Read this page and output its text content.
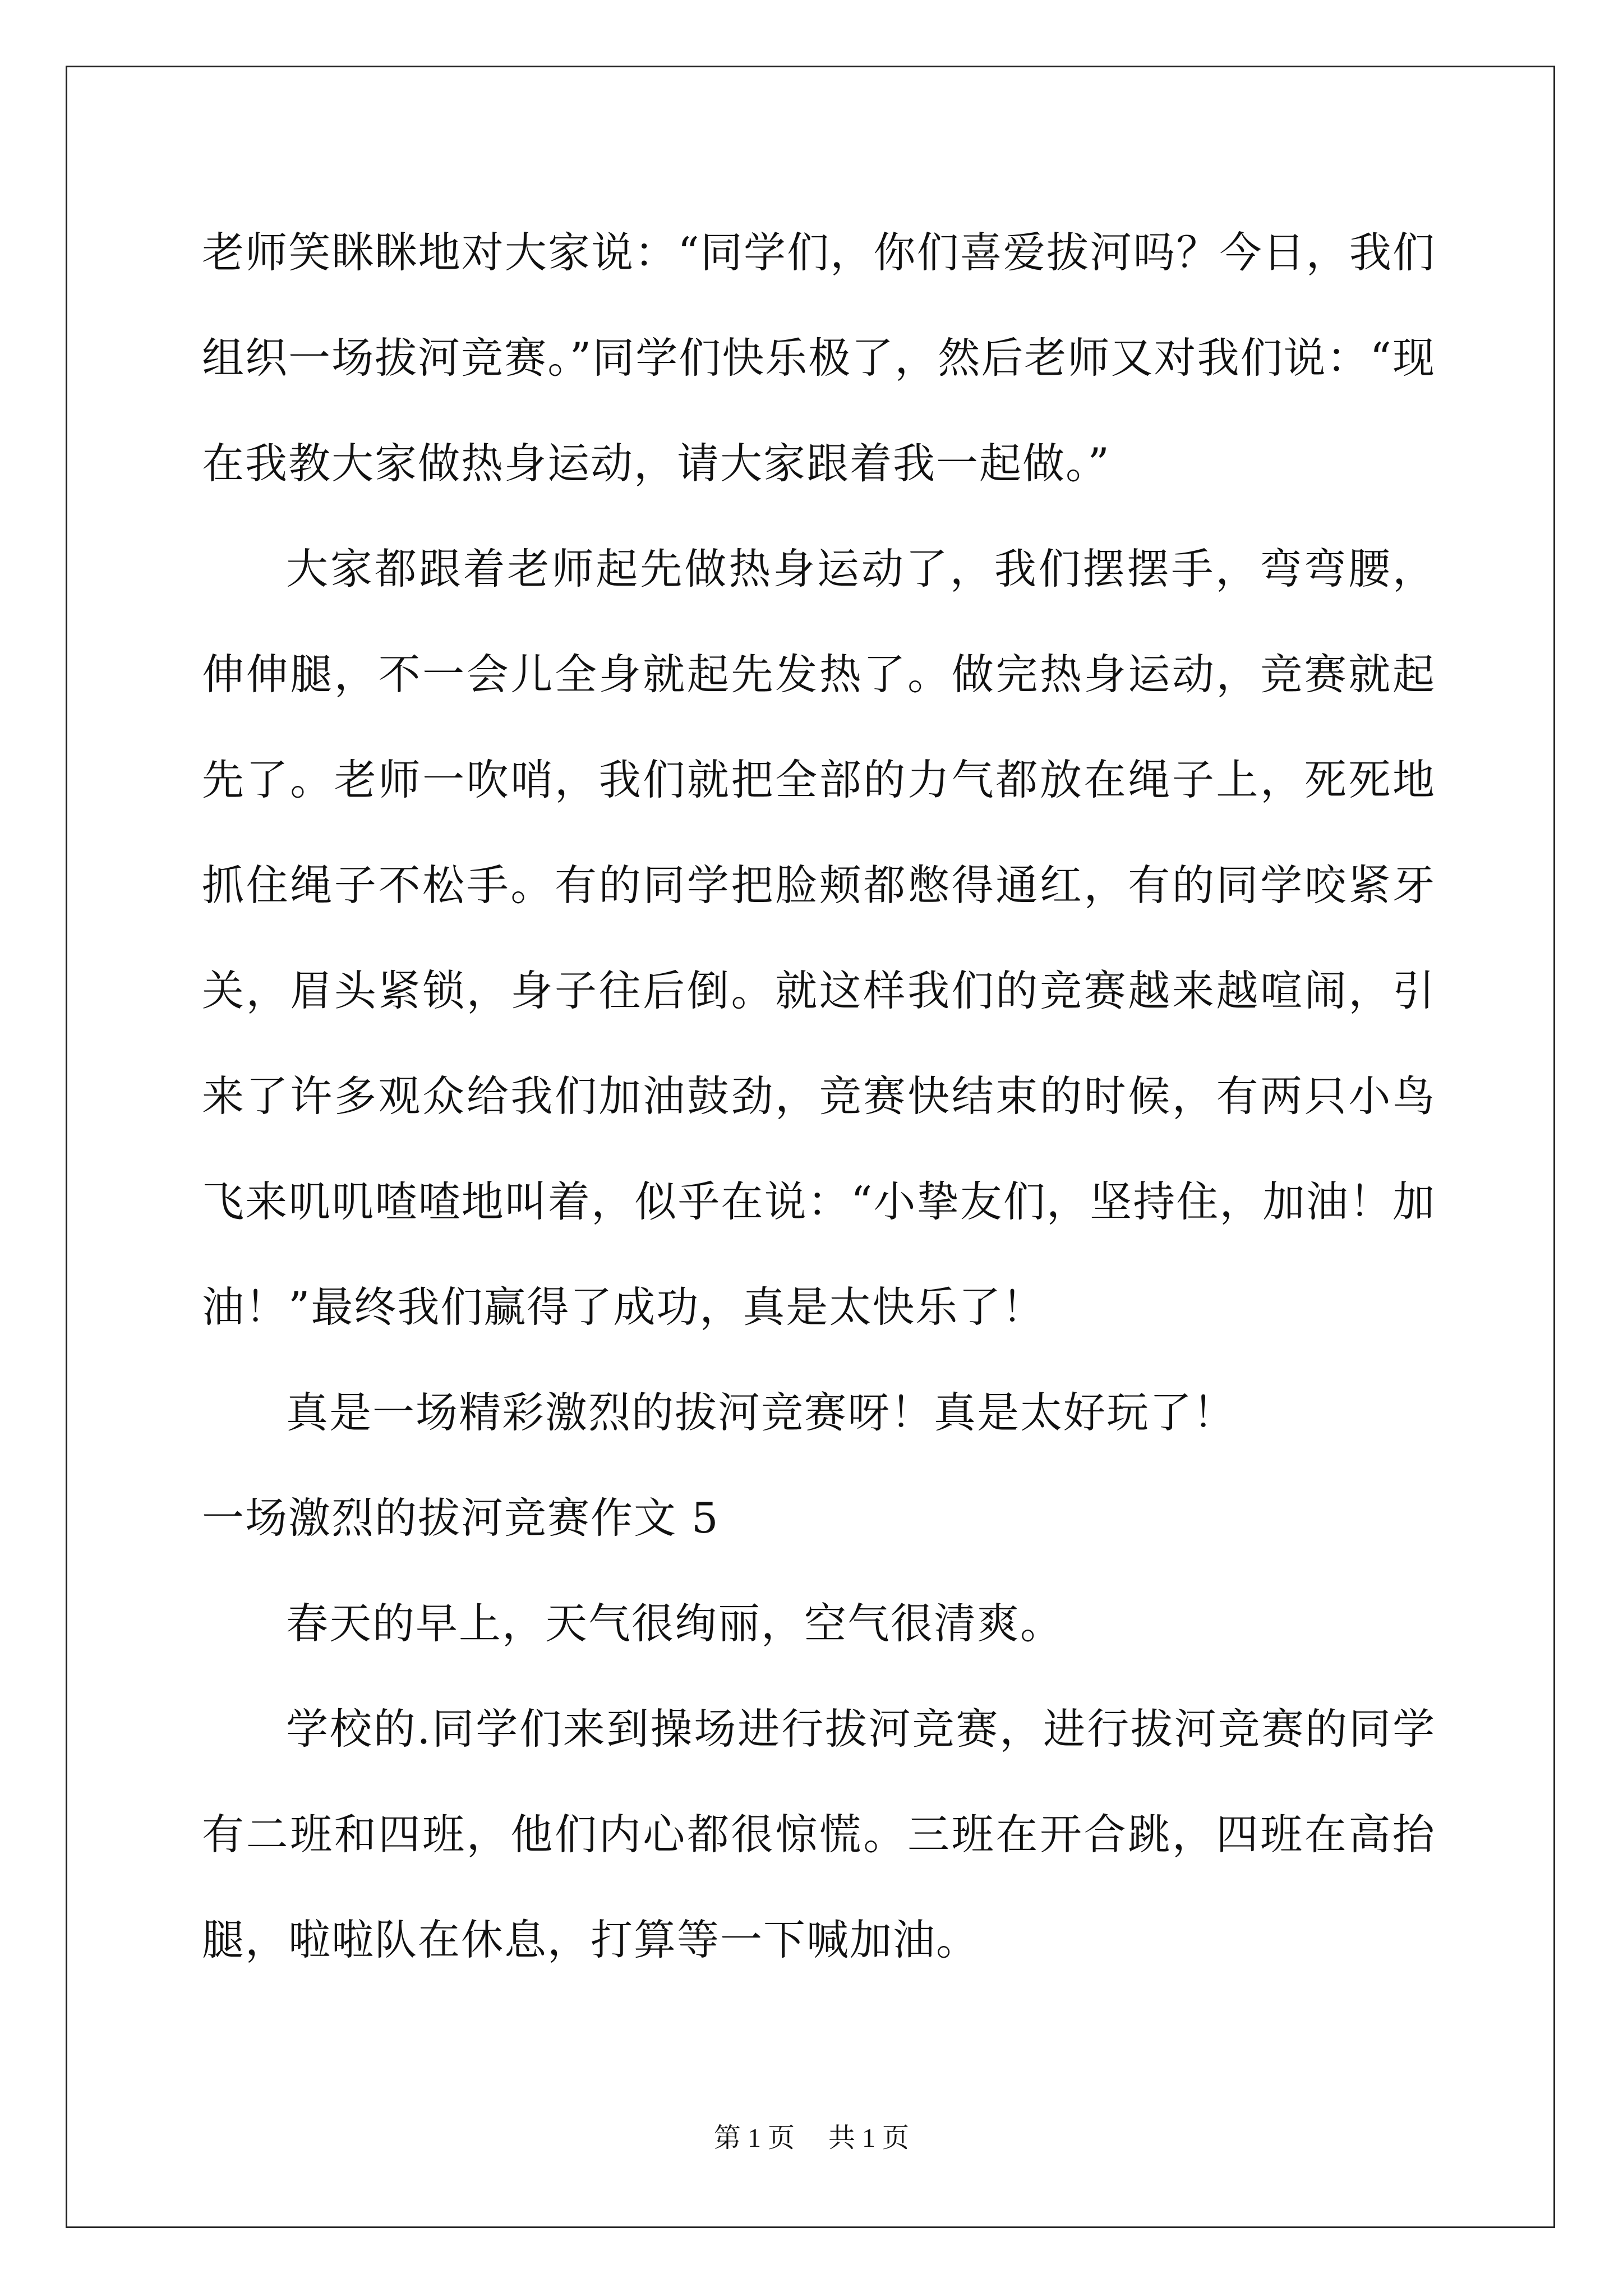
老师笑眯眯地对大家说：“同学们，你们喜爱拔河吗？今日，我们组织一场拔河竞赛。”同学们快乐极了，然后老师又对我们说：“现在我教大家做热身运动，请大家跟着我一起做。”

大家都跟着老师起先做热身运动了，我们摆摆手，弯弯腰，伸伸腿，不一会儿全身就起先发热了。做完热身运动，竞赛就起先了。老师一吹哨，我们就把全部的力气都放在绳子上，死死地抓住绳子不松手。有的同学把脸颊都憋得通红，有的同学咬紧牙关，眉头紧锁，身子往后倒。就这样我们的竞赛越来越喧闹，引来了许多观众给我们加油鼓劲，竞赛快结束的时候，有两只小鸟飞来叽叽喳喳地叫着，似乎在说：“小挚友们，坚持住，加油！加油！”最终我们赢得了成功，真是太快乐了！

真是一场精彩激烈的拔河竞赛呀！真是太好玩了！

一场激烈的拔河竞赛作文 5

春天的早上，天气很绚丽，空气很清爽。

学校的.同学们来到操场进行拔河竞赛，进行拔河竞赛的同学有二班和四班，他们内心都很惊慌。三班在开合跳，四班在高抬腿，啦啦队在休息，打算等一下喊加油。

第 1 页 共 1 页
